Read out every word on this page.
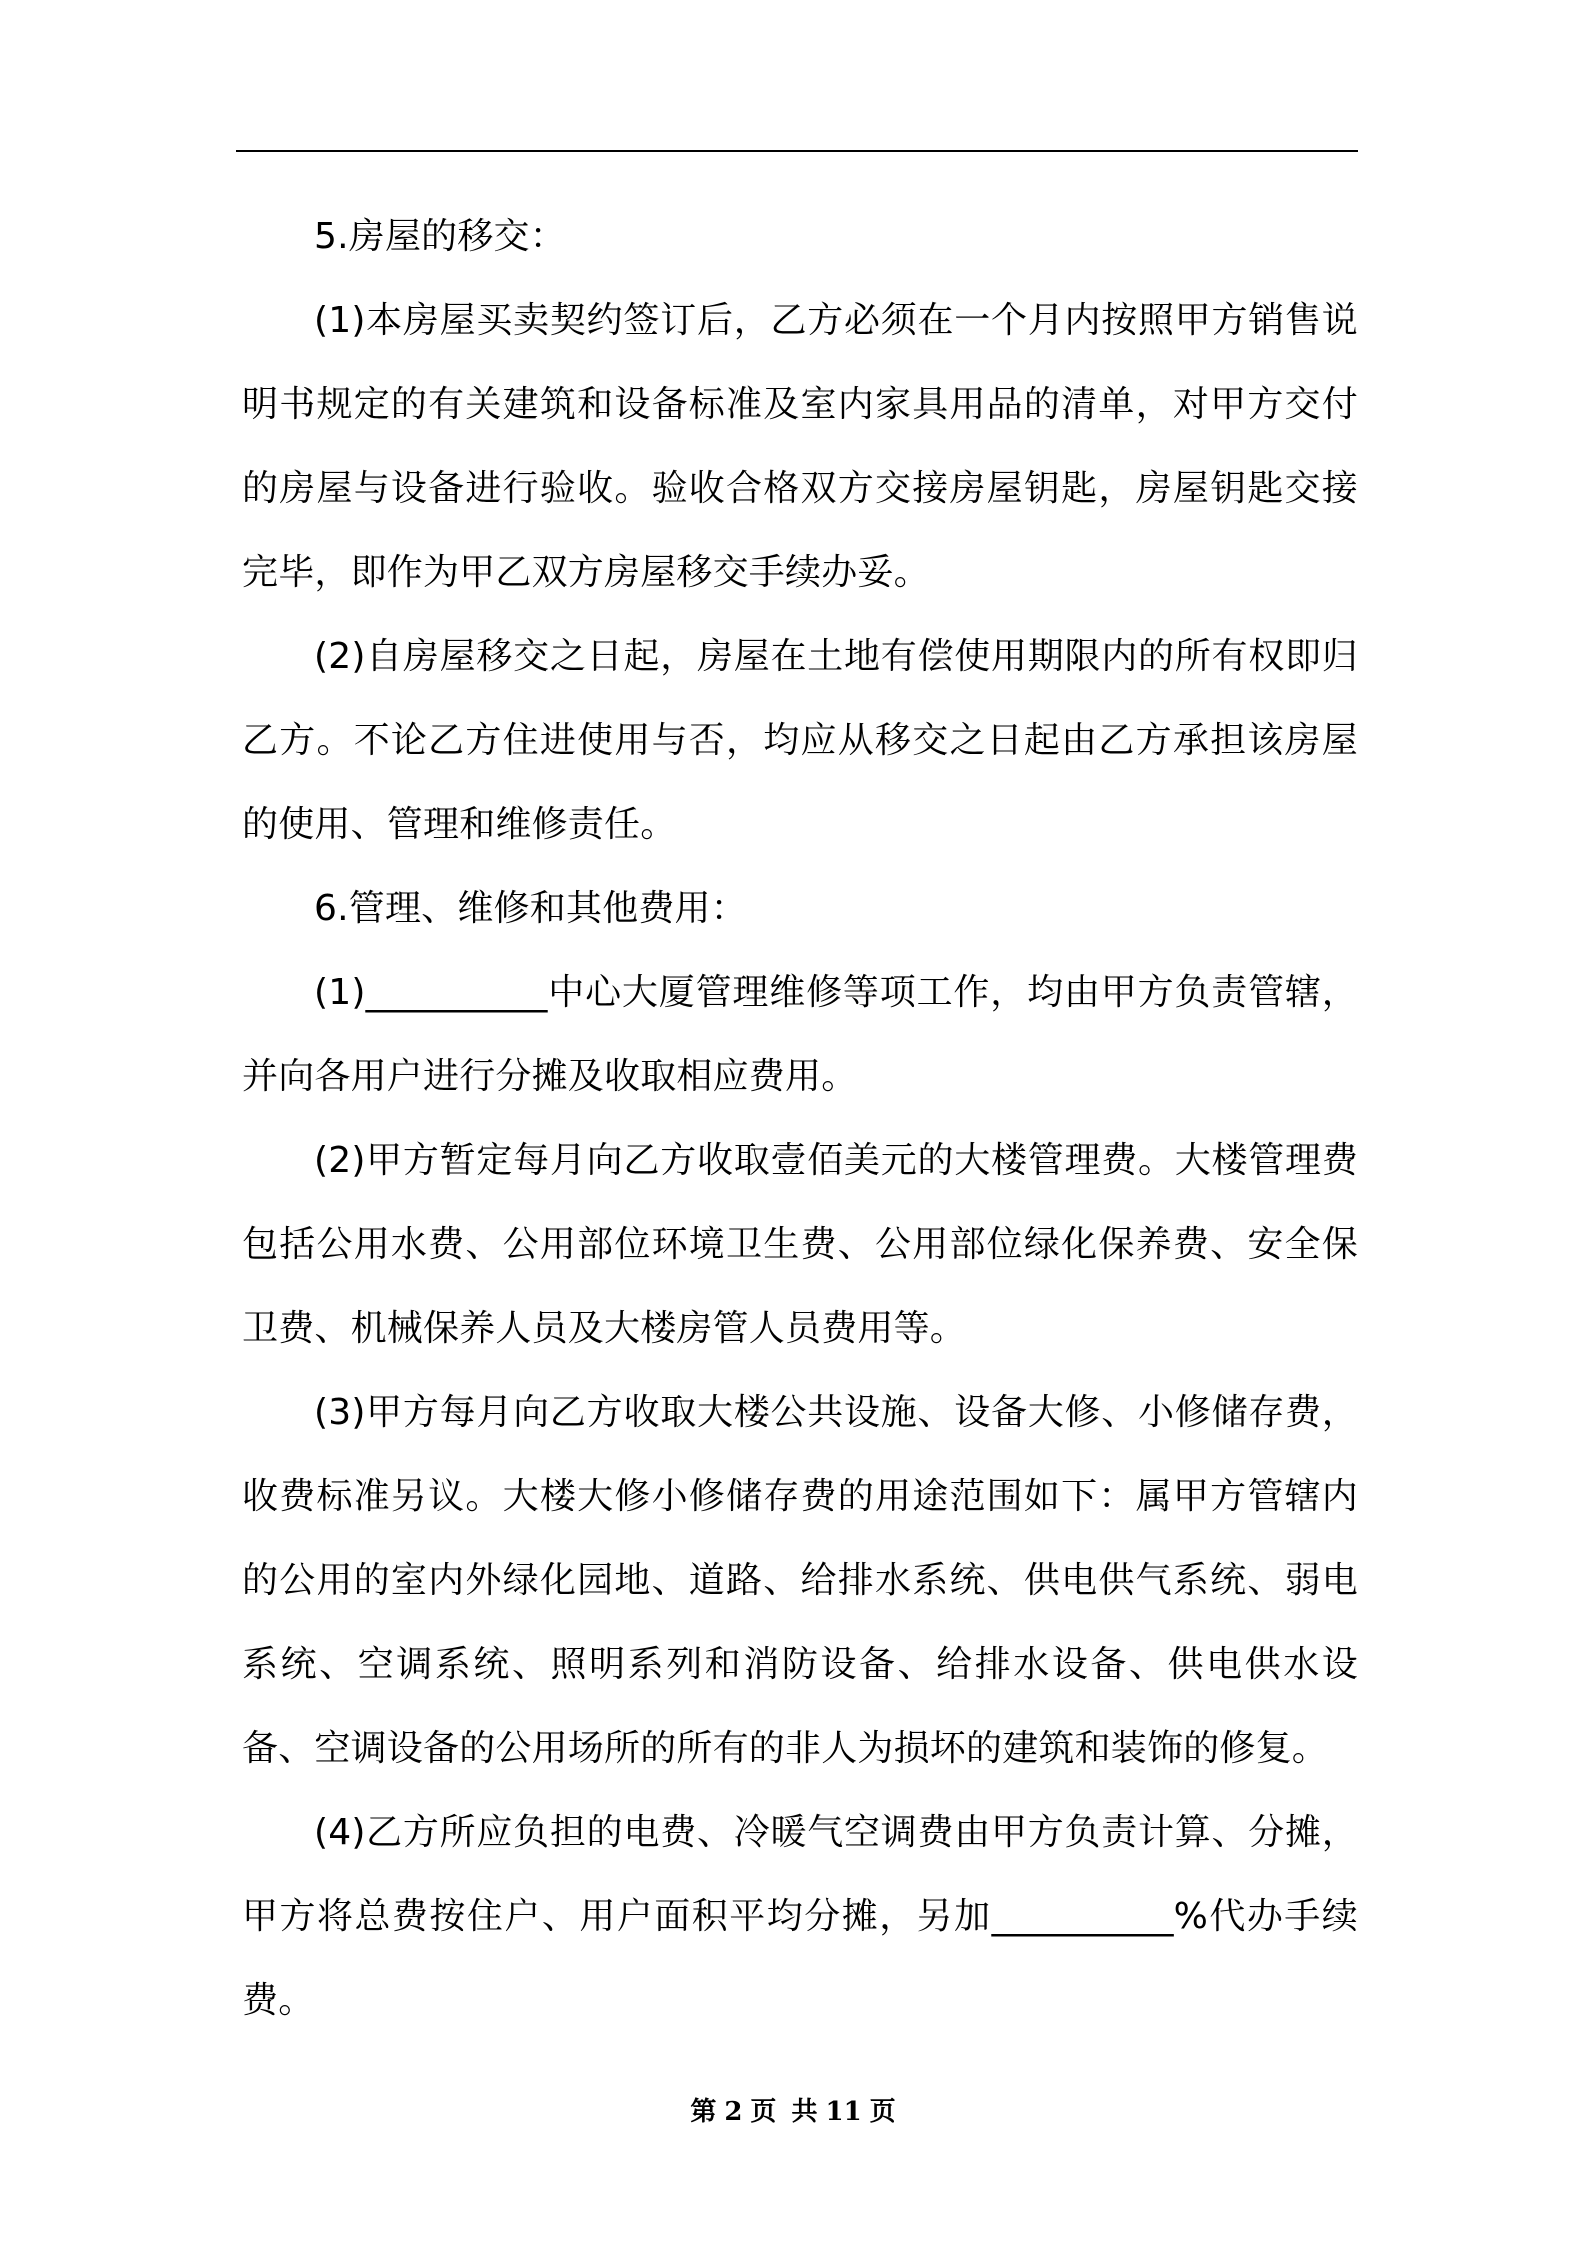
5.房屋的移交：

(1)本房屋买卖契约签订后，乙方必须在一个月内按照甲方销售说明书规定的有关建筑和设备标准及室内家具用品的清单，对甲方交付的房屋与设备进行验收。验收合格双方交接房屋钥匙，房屋钥匙交接完毕，即作为甲乙双方房屋移交手续办妥。

(2)自房屋移交之日起，房屋在土地有偿使用期限内的所有权即归乙方。不论乙方住进使用与否，均应从移交之日起由乙方承担该房屋的使用、管理和维修责任。

6.管理、维修和其他费用：

(1)__________中心大厦管理维修等项工作，均由甲方负责管辖，并向各用户进行分摊及收取相应费用。

(2)甲方暂定每月向乙方收取壹佰美元的大楼管理费。大楼管理费包括公用水费、公用部位环境卫生费、公用部位绿化保养费、安全保卫费、机械保养人员及大楼房管人员费用等。

(3)甲方每月向乙方收取大楼公共设施、设备大修、小修储存费，收费标准另议。大楼大修小修储存费的用途范围如下：属甲方管辖内的公用的室内外绿化园地、道路、给排水系统、供电供气系统、弱电系统、空调系统、照明系列和消防设备、给排水设备、供电供水设备、空调设备的公用场所的所有的非人为损坏的建筑和装饰的修复。

(4)乙方所应负担的电费、冷暖气空调费由甲方负责计算、分摊，甲方将总费按住户、用户面积平均分摊，另加__________%代办手续费。

第 2 页 共 11 页
